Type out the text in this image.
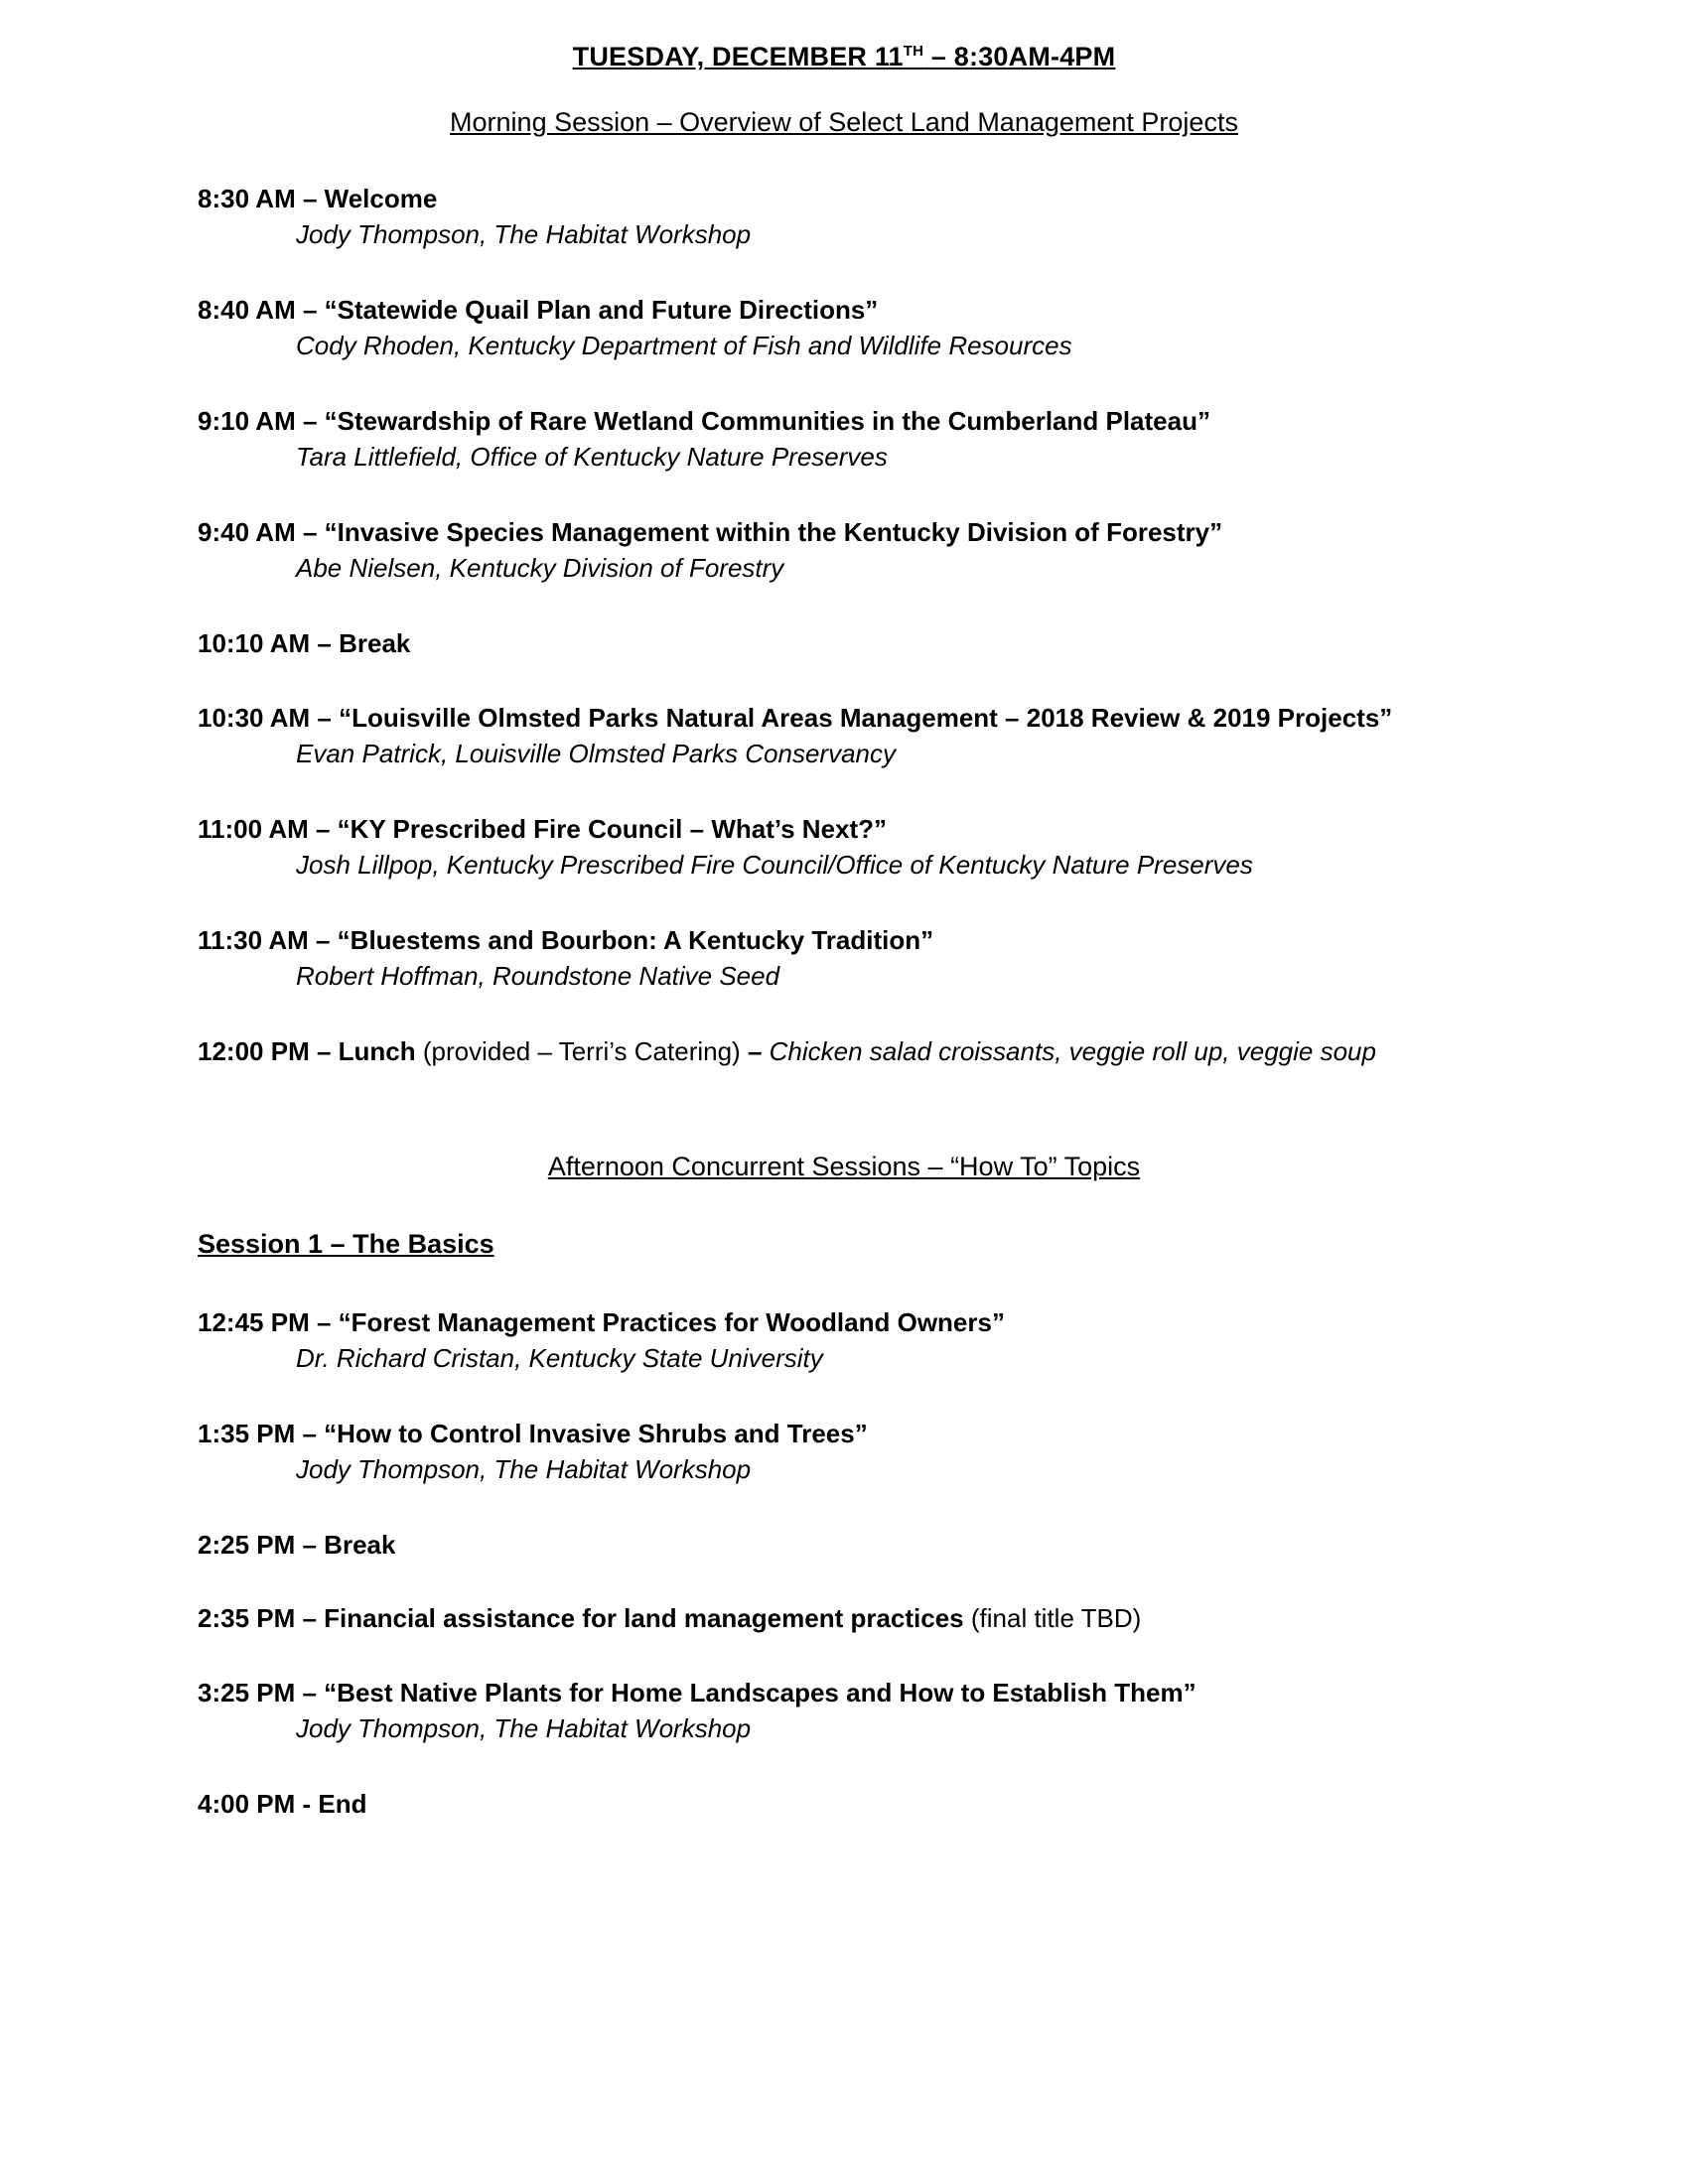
TUESDAY, DECEMBER 11TH – 8:30AM-4PM
Morning Session – Overview of Select Land Management Projects
8:30 AM – Welcome
Jody Thompson, The Habitat Workshop
8:40 AM – “Statewide Quail Plan and Future Directions”
Cody Rhoden, Kentucky Department of Fish and Wildlife Resources
9:10 AM – “Stewardship of Rare Wetland Communities in the Cumberland Plateau”
Tara Littlefield, Office of Kentucky Nature Preserves
9:40 AM – “Invasive Species Management within the Kentucky Division of Forestry”
Abe Nielsen, Kentucky Division of Forestry
10:10 AM – Break
10:30 AM – “Louisville Olmsted Parks Natural Areas Management – 2018 Review & 2019 Projects”
Evan Patrick, Louisville Olmsted Parks Conservancy
11:00 AM – “KY Prescribed Fire Council – What’s Next?”
Josh Lillpop, Kentucky Prescribed Fire Council/Office of Kentucky Nature Preserves
11:30 AM – “Bluestems and Bourbon: A Kentucky Tradition”
Robert Hoffman, Roundstone Native Seed
12:00 PM – Lunch (provided – Terri’s Catering) – Chicken salad croissants, veggie roll up, veggie soup
Afternoon Concurrent Sessions – “How To” Topics
Session 1 – The Basics
12:45 PM – “Forest Management Practices for Woodland Owners”
Dr. Richard Cristan, Kentucky State University
1:35 PM – “How to Control Invasive Shrubs and Trees”
Jody Thompson, The Habitat Workshop
2:25 PM – Break
2:35 PM – Financial assistance for land management practices (final title TBD)
3:25 PM – “Best Native Plants for Home Landscapes and How to Establish Them”
Jody Thompson, The Habitat Workshop
4:00 PM - End
